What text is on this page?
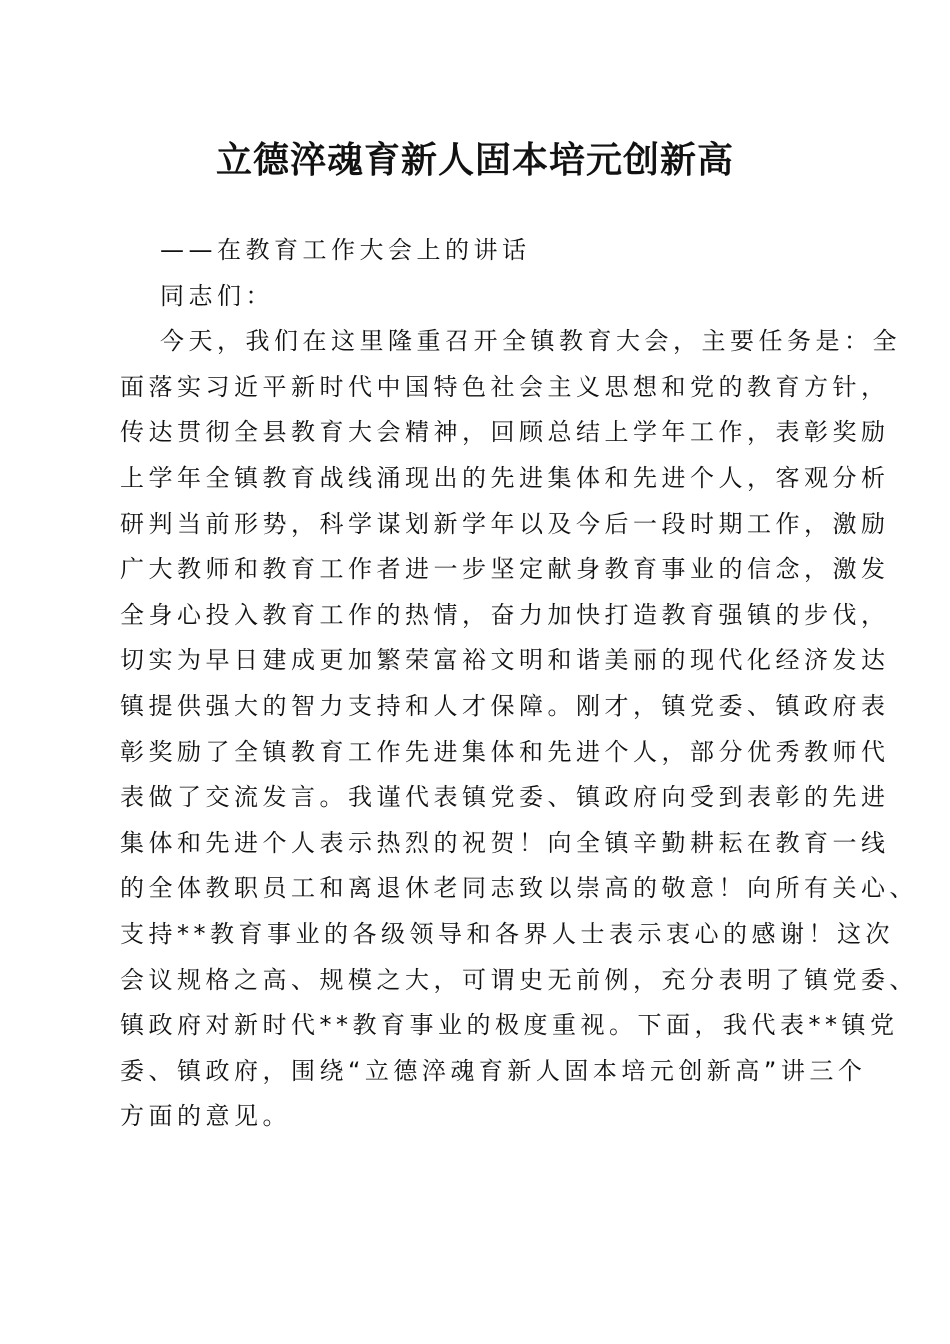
立德淬魂育新人固本培元创新高
——在教育工作大会上的讲话
同志们：
今天，我们在这里隆重召开全镇教育大会，主要任务是：全
面落实习近平新时代中国特色社会主义思想和党的教育方针，
传达贯彻全县教育大会精神，回顾总结上学年工作，表彰奖励
上学年全镇教育战线涌现出的先进集体和先进个人，客观分析
研判当前形势，科学谋划新学年以及今后一段时期工作，激励
广大教师和教育工作者进一步坚定献身教育事业的信念，激发
全身心投入教育工作的热情，奋力加快打造教育强镇的步伐，
切实为早日建成更加繁荣富裕文明和谐美丽的现代化经济发达
镇提供强大的智力支持和人才保障。刚才，镇党委、镇政府表
彰奖励了全镇教育工作先进集体和先进个人，部分优秀教师代
表做了交流发言。我谨代表镇党委、镇政府向受到表彰的先进
集体和先进个人表示热烈的祝贺！向全镇辛勤耕耘在教育一线
的全体教职员工和离退休老同志致以崇高的敬意！向所有关心、
支持**教育事业的各级领导和各界人士表示衷心的感谢！这次
会议规格之高、规模之大，可谓史无前例，充分表明了镇党委、
镇政府对新时代**教育事业的极度重视。下面，我代表**镇党
委、镇政府，围绕“立德淬魂育新人固本培元创新高”讲三个
方面的意见。
